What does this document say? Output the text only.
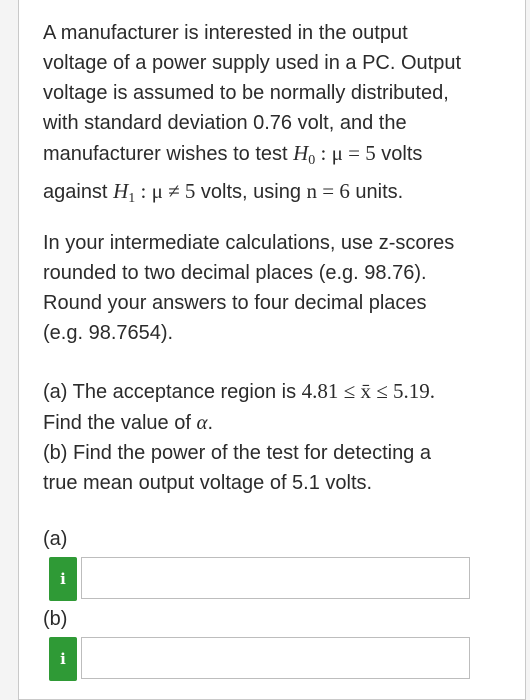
A manufacturer is interested in the output
voltage of a power supply used in a PC. Output
voltage is assumed to be normally distributed,
with standard deviation 0.76 volt, and the
manufacturer wishes to test $H_0$ : μ = 5 volts
against $H_1$ : μ ≠ 5 volts, using n = 6 units.
In your intermediate calculations, use z-scores
rounded to two decimal places (e.g. 98.76).
Round your answers to four decimal places
(e.g. 98.7654).
(a) The acceptance region is 4.81 ≤ x̄ ≤ 5.19.
Find the value of α.
(b) Find the power of the test for detecting a
true mean output voltage of 5.1 volts.
(a)
i
(b)
i
